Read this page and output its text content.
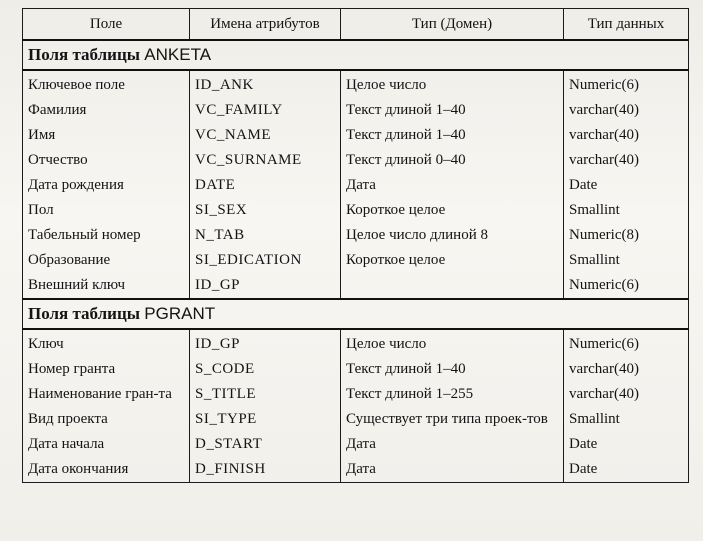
Поле	Имена атрибутов	Тип (Домен)	Тип данных
Поля таблицы ANKETA			
Ключевое поле	ID_ANK	Целое число	Numeric(6)
Фамилия	VC_FAMILY	Текст длиной 1–40	varchar(40)
Имя	VC_NAME	Текст длиной 1–40	varchar(40)
Отчество	VC_SURNAME	Текст длиной 0–40	varchar(40)
Дата рождения	DATE	Дата	Date
Пол	SI_SEX	Короткое целое	Smallint
Табельный номер	N_TAB	Целое число длиной 8	Numeric(8)
Образование	SI_EDICATION	Короткое целое	Smallint
Внешний ключ	ID_GP		Numeric(6)
Поля таблицы PGRANT			
Ключ	ID_GP	Целое число	Numeric(6)
Номер гранта	S_CODE	Текст длиной 1–40	varchar(40)
Наименование гран-та	S_TITLE	Текст длиной 1–255	varchar(40)
Вид проекта	SI_TYPE	Существует три типа проек-тов	Smallint
Дата начала	D_START	Дата	Date
Дата окончания	D_FINISH	Дата	Date
